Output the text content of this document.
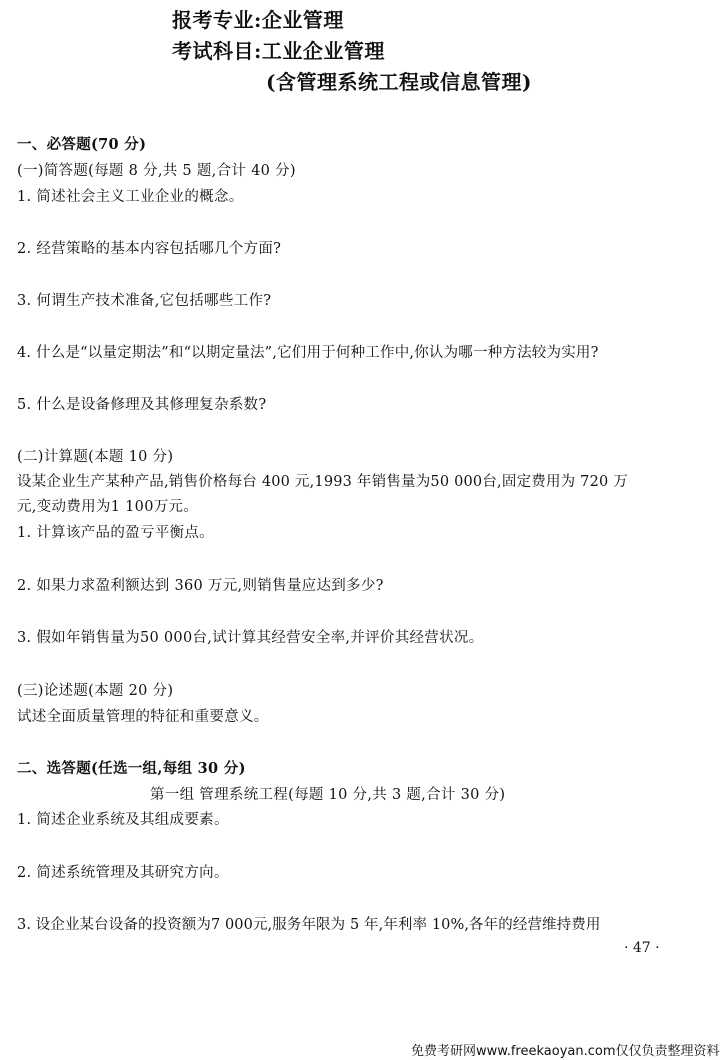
报考专业:企业管理
考试科目:工业企业管理
(含管理系统工程或信息管理)
一、必答题(70 分)
(一)简答题(每题 8 分,共 5 题,合计 40 分)
1. 简述社会主义工业企业的概念。
2. 经营策略的基本内容包括哪几个方面?
3. 何谓生产技术准备,它包括哪些工作?
4. 什么是“以量定期法”和“以期定量法”,它们用于何种工作中,你认为哪一种方法较为实用?
5. 什么是设备修理及其修理复杂系数?
(二)计算题(本题 10 分)
设某企业生产某种产品,销售价格每台 400 元,1993 年销售量为50 000台,固定费用为 720 万
元,变动费用为1 100万元。
1. 计算该产品的盈亏平衡点。
2. 如果力求盈利额达到 360 万元,则销售量应达到多少?
3. 假如年销售量为50 000台,试计算其经营安全率,并评价其经营状况。
(三)论述题(本题 20 分)
试述全面质量管理的特征和重要意义。
二、选答题(任选一组,每组 30 分)
第一组 管理系统工程(每题 10 分,共 3 题,合计 30 分)
1. 简述企业系统及其组成要素。
2. 简述系统管理及其研究方向。
3. 设企业某台设备的投资额为7 000元,服务年限为 5 年,年利率 10%,各年的经营维持费用
· 47 ·
免费考研网www.freekaoyan.com仅仅负责整理资料
